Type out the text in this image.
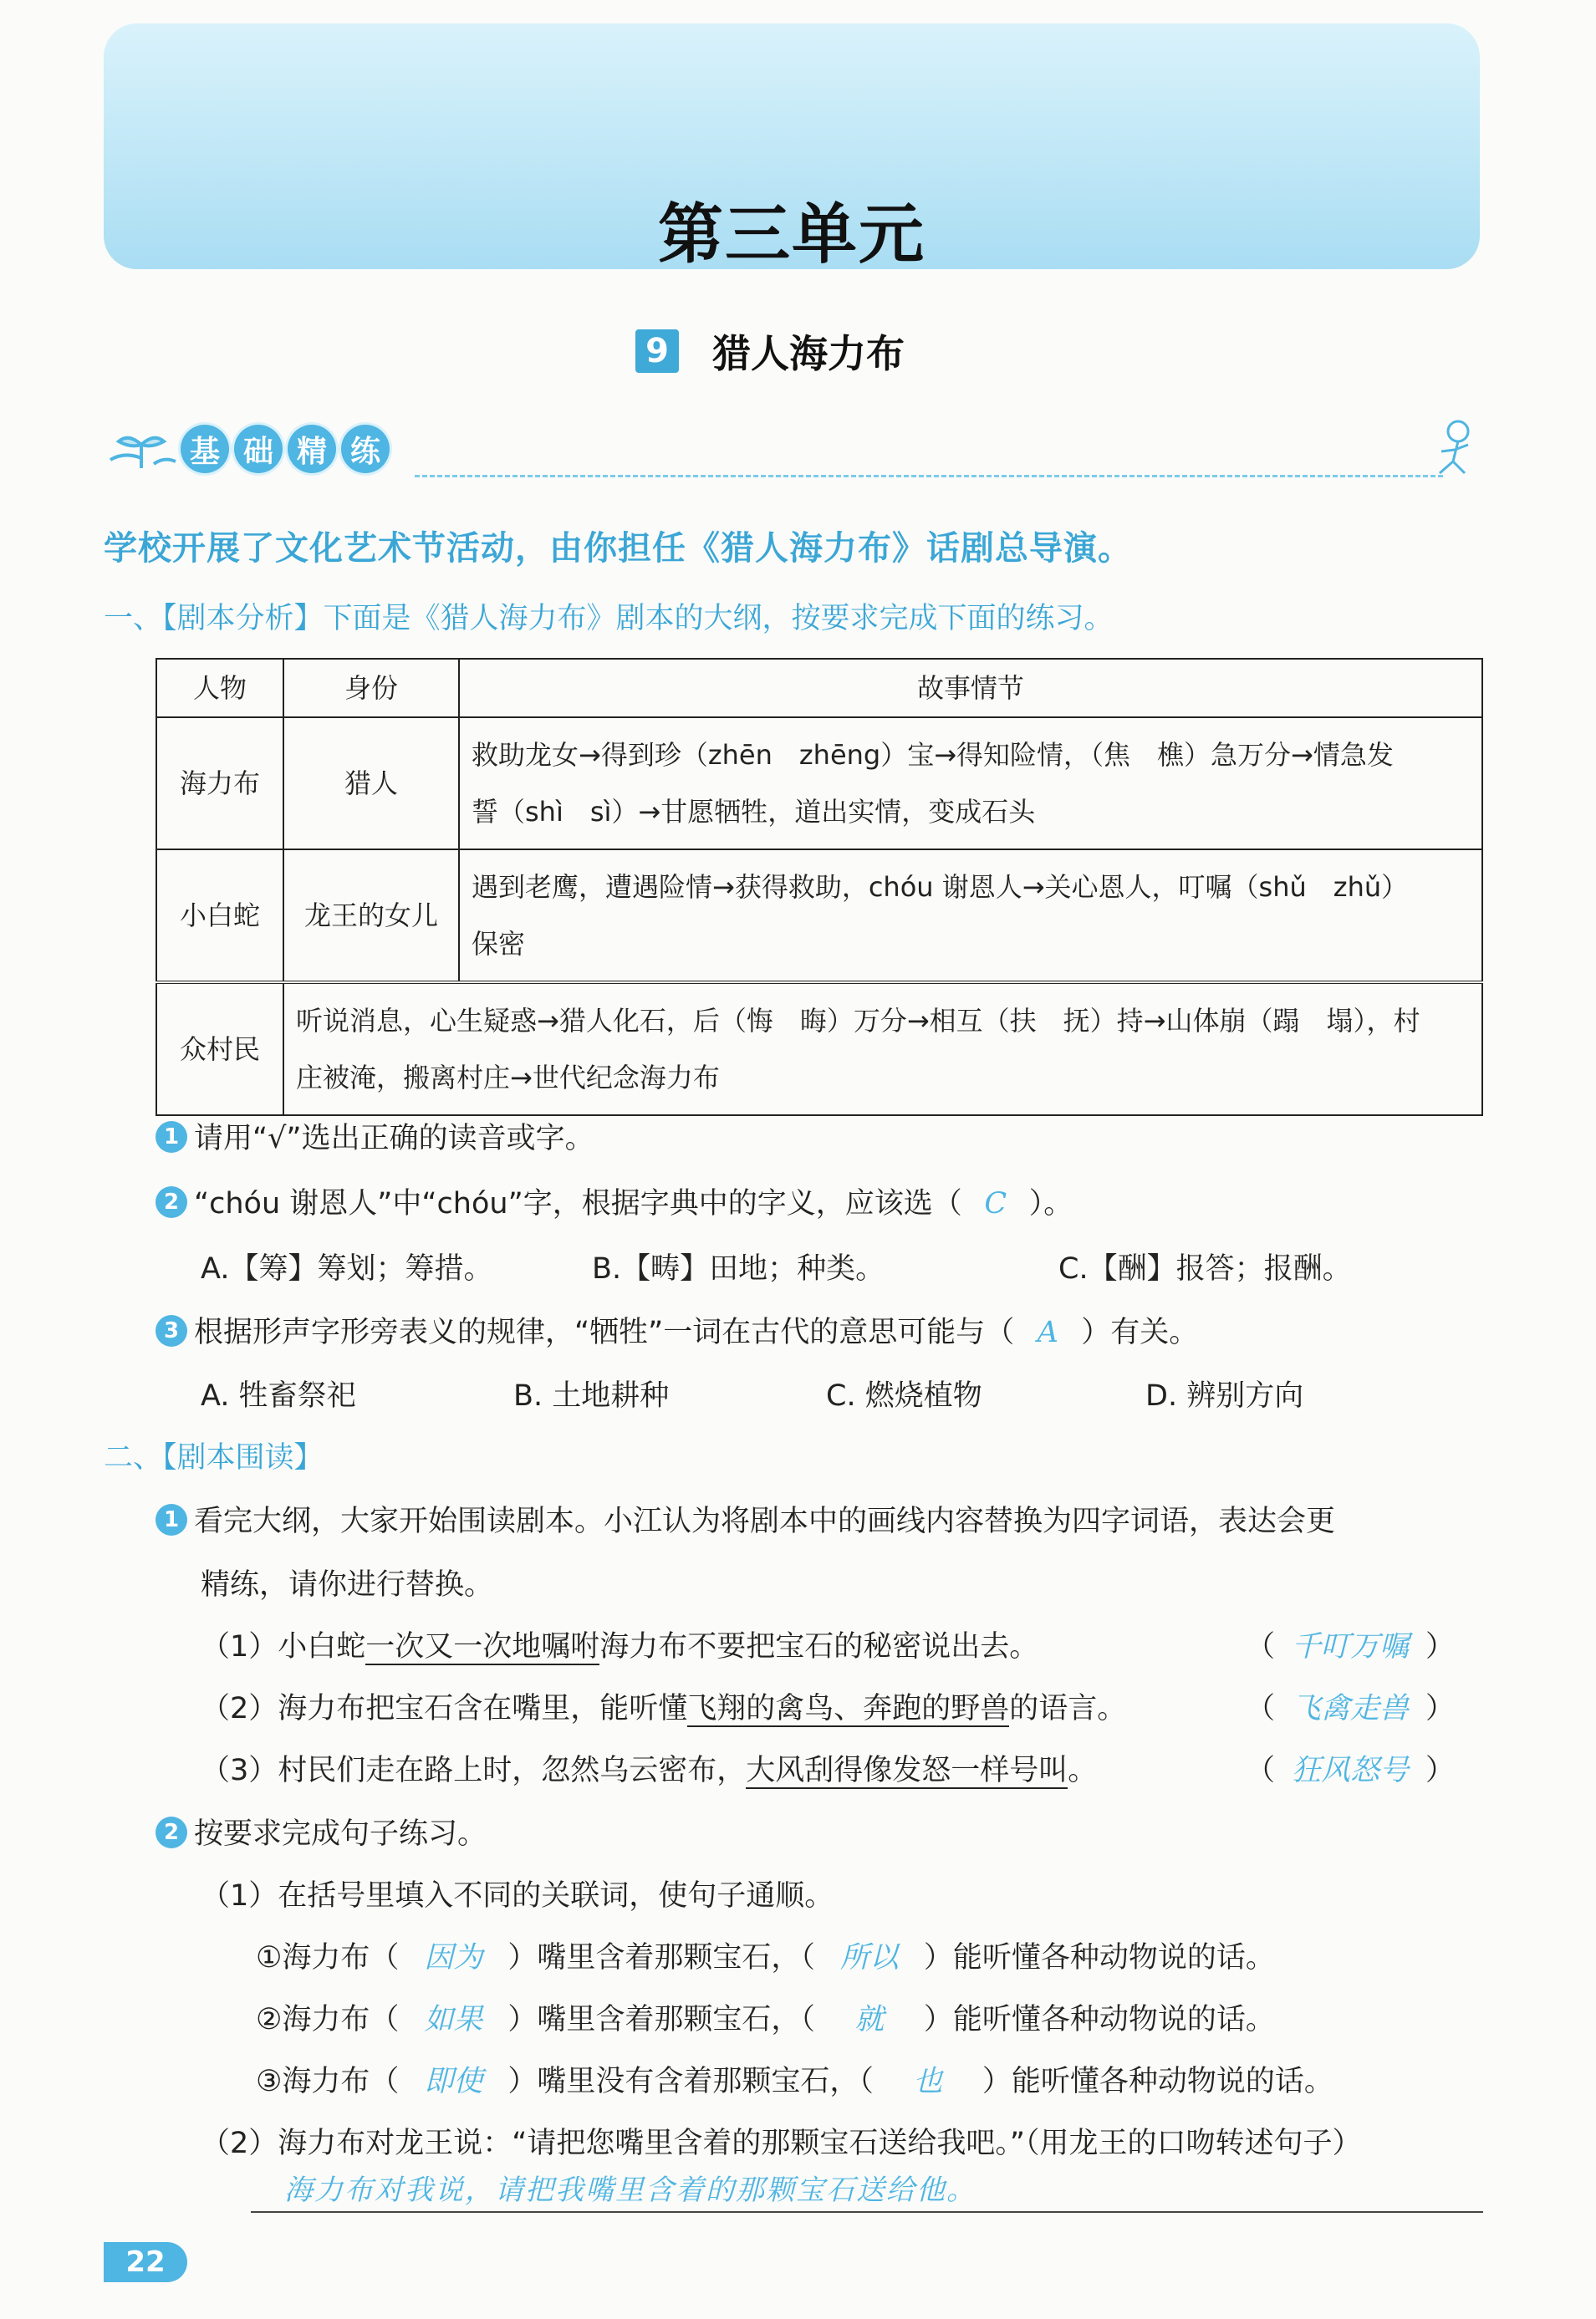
第三单元
9 猎人海力布
基 础 精 练
学校开展了文化艺术节活动，由你担任《猎人海力布》话剧总导演。
一、【剧本分析】下面是《猎人海力布》剧本的大纲，按要求完成下面的练习。
人物	身份	故事情节
海力布	猎人	救助龙女→得到珍（zhēn　zhēng）宝→得知险情，（焦　樵）急万分→情急发
誓（shì　sì）→甘愿牺牲，道出实情，变成石头

小白蛇	龙王的女儿	遇到老鹰，遭遇险情→获得救助，chóu 谢恩人→关心恩人，叮嘱（shǔ　zhǔ）
保密

众村民	听说消息，心生疑惑→猎人化石，后（悔　晦）万分→相互（扶　抚）持→山体崩（蹋　塌），村
庄被淹，搬离村庄→世代纪念海力布	
1 请用“√”选出正确的读音或字。
2 “chóu 谢恩人”中“chóu”字，根据字典中的字义，应该选（ C ）。
A.【筹】筹划；筹措。	B.【畴】田地；种类。	C.【酬】报答；报酬。
3 根据形声字形旁表义的规律，“牺牲”一词在古代的意思可能与（ A ）有关。
A. 牲畜祭祀	B. 土地耕种	C. 燃烧植物	D. 辨别方向
二、【剧本围读】
1 看完大纲，大家开始围读剧本。小江认为将剧本中的画线内容替换为四字词语，表达会更
精练，请你进行替换。
（1）小白蛇一次又一次地嘱咐海力布不要把宝石的秘密说出去。	（ 千叮万嘱 ）
（2）海力布把宝石含在嘴里，能听懂飞翔的禽鸟、奔跑的野兽的语言。	（ 飞禽走兽 ）
（3）村民们走在路上时，忽然乌云密布，大风刮得像发怒一样号叫。	（ 狂风怒号 ）
2 按要求完成句子练习。
（1）在括号里填入不同的关联词，使句子通顺。
①海力布（ 因为 ）嘴里含着那颗宝石，（ 所以 ）能听懂各种动物说的话。
②海力布（ 如果 ）嘴里含着那颗宝石，（ 就 ）能听懂各种动物说的话。
③海力布（ 即使 ）嘴里没有含着那颗宝石，（ 也 ）能听懂各种动物说的话。
（2）海力布对龙王说：“请把您嘴里含着的那颗宝石送给我吧。”（用龙王的口吻转述句子）
海力布对我说，请把我嘴里含着的那颗宝石送给他。
22
